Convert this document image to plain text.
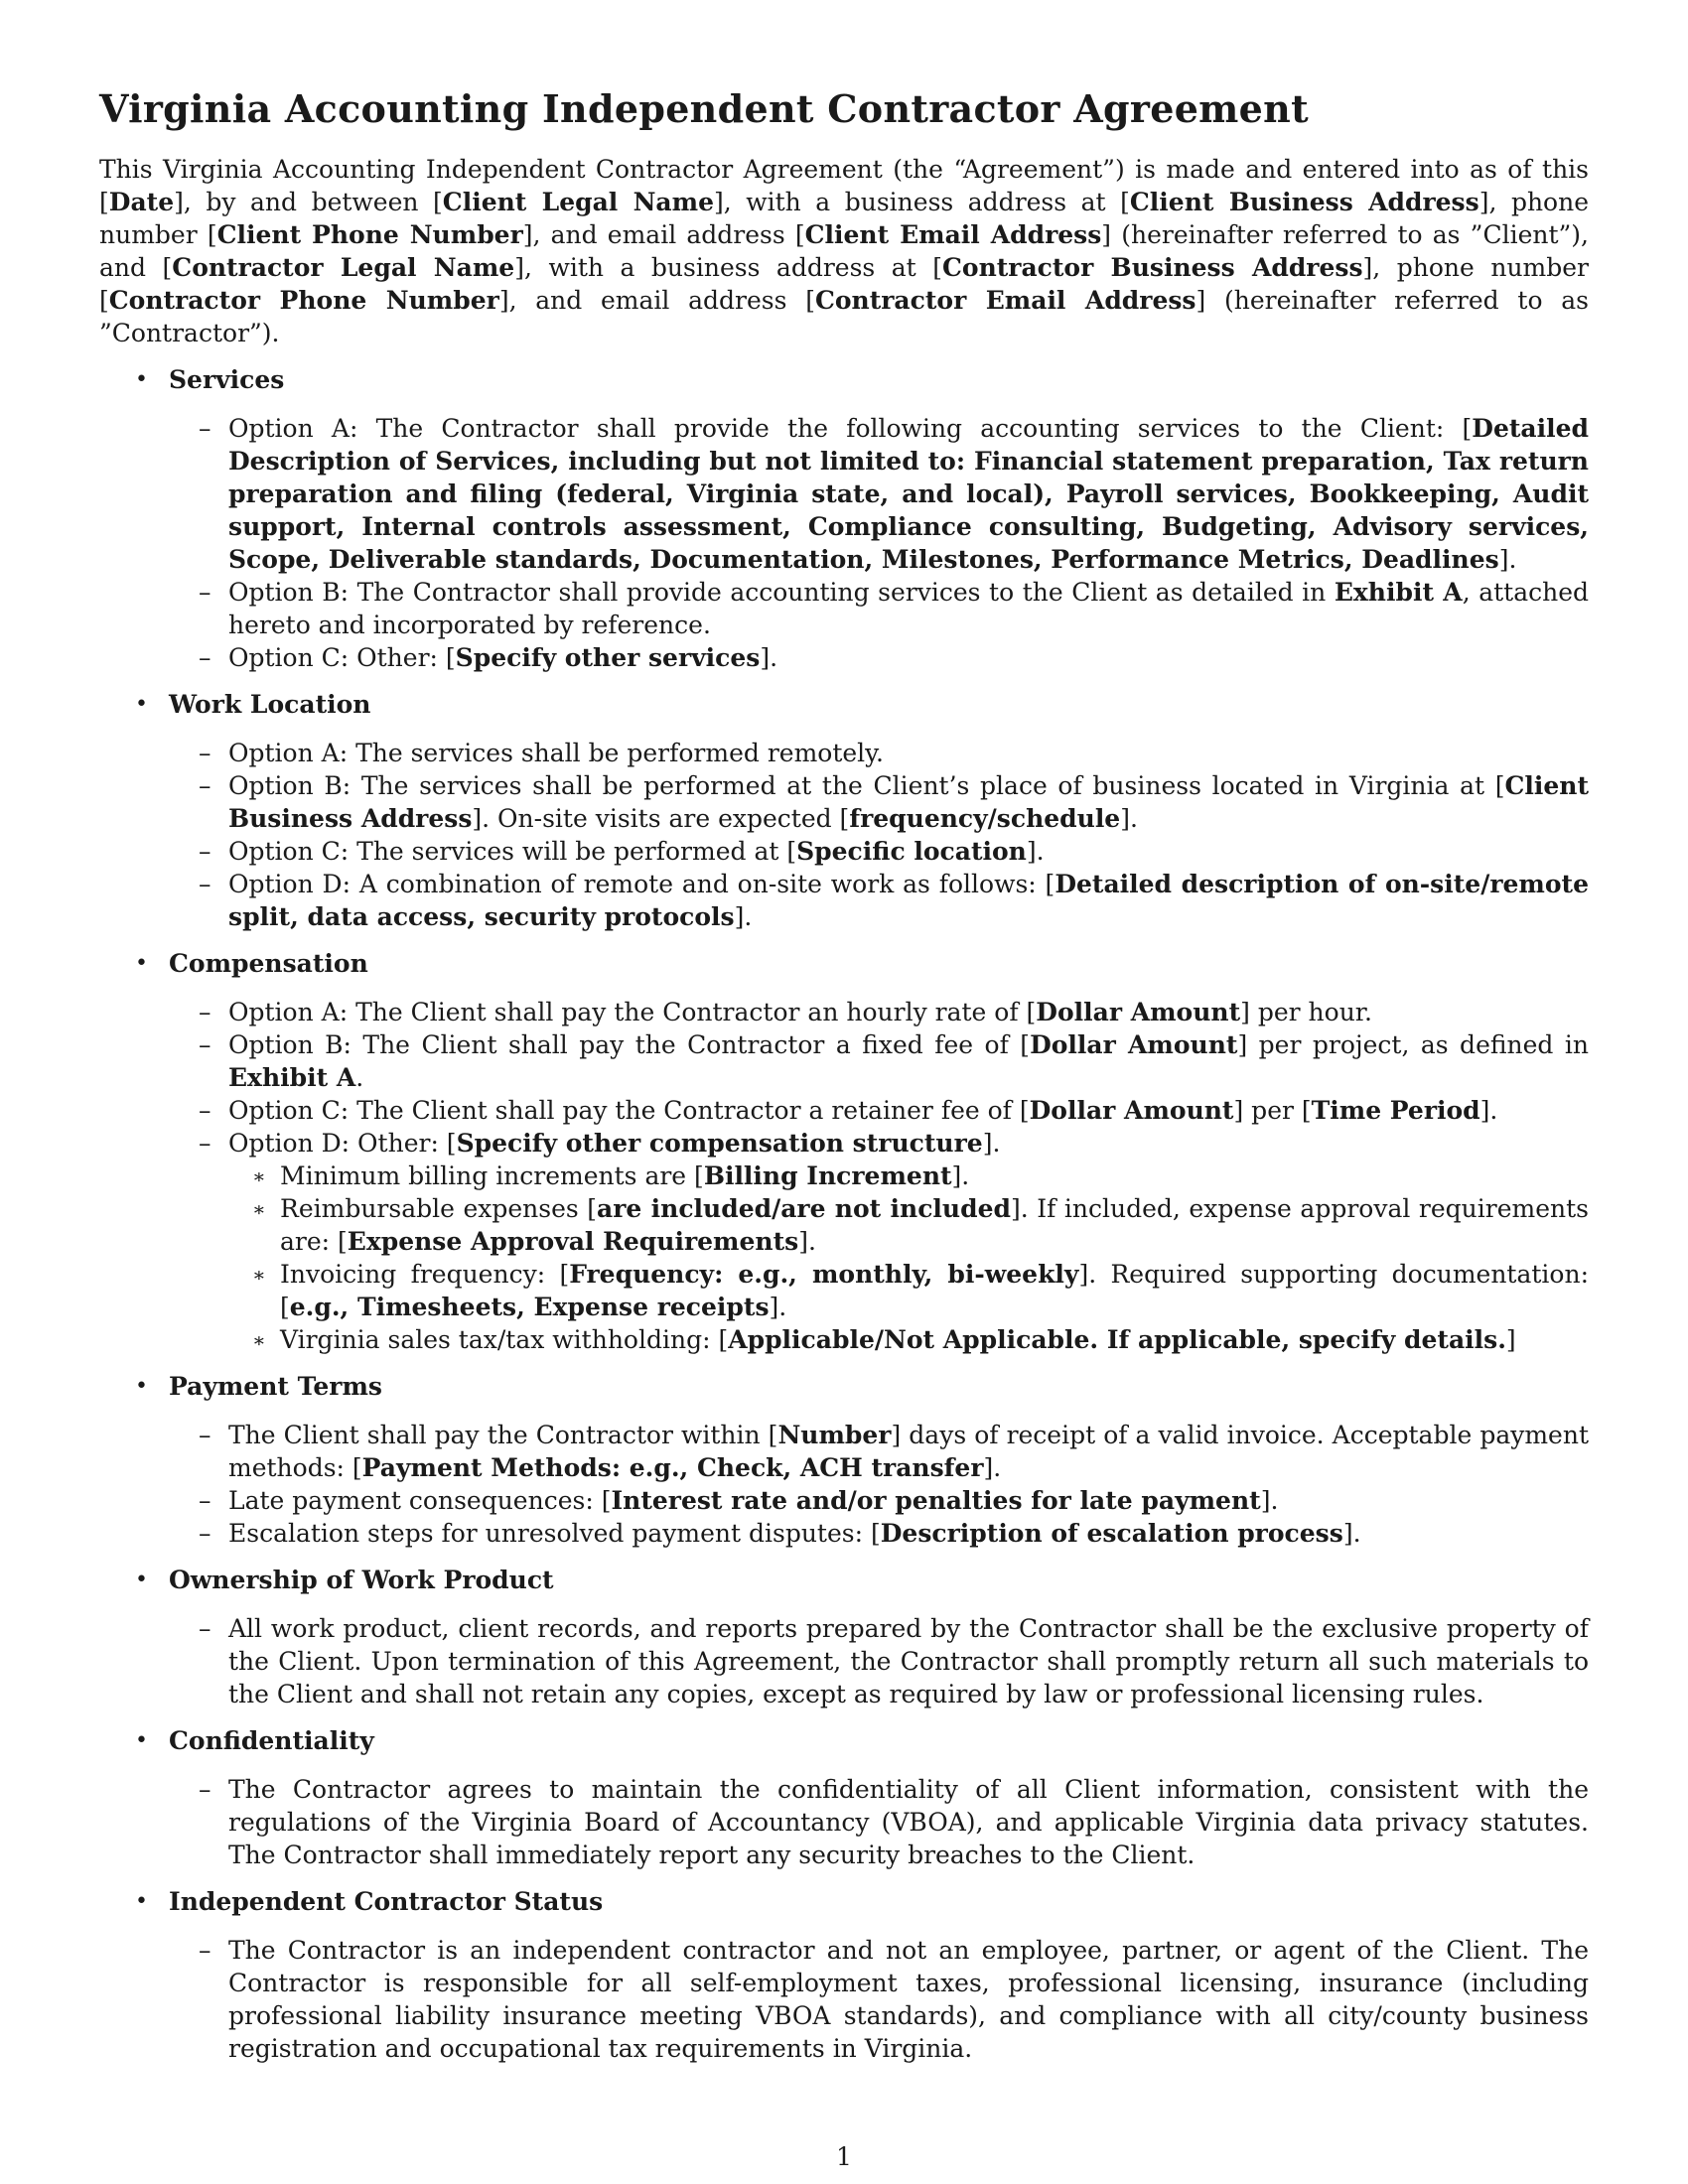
Virginia Accounting Independent Contractor Agreement

This Virginia Accounting Independent Contractor Agreement (the “Agreement”) is made and entered into as of this [Date], by and between [Client Legal Name], with a business address at [Client Business Address], phone number [Client Phone Number], and email address [Client Email Address] (hereinafter referred to as ”Client”), and [Contractor Legal Name], with a business address at [Contractor Business Address], phone number [Contractor Phone Number], and email address [Contractor Email Address] (hereinafter referred to as ”Contractor”).

• Services
– Option A: The Contractor shall provide the following accounting services to the Client: [Detailed Description of Services, including but not limited to: Financial statement preparation, Tax return preparation and filing (federal, Virginia state, and local), Payroll services, Bookkeeping, Audit support, Internal controls assessment, Compliance consulting, Budgeting, Advisory services, Scope, Deliverable standards, Documentation, Milestones, Performance Metrics, Deadlines].
– Option B: The Contractor shall provide accounting services to the Client as detailed in Exhibit A, attached hereto and incorporated by reference.
– Option C: Other: [Specify other services].
• Work Location
– Option A: The services shall be performed remotely.
– Option B: The services shall be performed at the Client’s place of business located in Virginia at [Client Business Address]. On-site visits are expected [frequency/schedule].
– Option C: The services will be performed at [Specific location].
– Option D: A combination of remote and on-site work as follows: [Detailed description of on-site/remote split, data access, security protocols].
• Compensation
– Option A: The Client shall pay the Contractor an hourly rate of [Dollar Amount] per hour.
– Option B: The Client shall pay the Contractor a fixed fee of [Dollar Amount] per project, as defined in Exhibit A.
– Option C: The Client shall pay the Contractor a retainer fee of [Dollar Amount] per [Time Period].
– Option D: Other: [Specify other compensation structure].
∗ Minimum billing increments are [Billing Increment].
∗ Reimbursable expenses [are included/are not included]. If included, expense approval requirements are: [Expense Approval Requirements].
∗ Invoicing frequency: [Frequency: e.g., monthly, bi-weekly]. Required supporting documentation: [e.g., Timesheets, Expense receipts].
∗ Virginia sales tax/tax withholding: [Applicable/Not Applicable. If applicable, specify details.]
• Payment Terms
– The Client shall pay the Contractor within [Number] days of receipt of a valid invoice. Acceptable payment methods: [Payment Methods: e.g., Check, ACH transfer].
– Late payment consequences: [Interest rate and/or penalties for late payment].
– Escalation steps for unresolved payment disputes: [Description of escalation process].
• Ownership of Work Product
– All work product, client records, and reports prepared by the Contractor shall be the exclusive property of the Client. Upon termination of this Agreement, the Contractor shall promptly return all such materials to the Client and shall not retain any copies, except as required by law or professional licensing rules.
• Confidentiality
– The Contractor agrees to maintain the confidentiality of all Client information, consistent with the regulations of the Virginia Board of Accountancy (VBOA), and applicable Virginia data privacy statutes. The Contractor shall immediately report any security breaches to the Client.
• Independent Contractor Status
– The Contractor is an independent contractor and not an employee, partner, or agent of the Client. The Contractor is responsible for all self-employment taxes, professional licensing, insurance (including professional liability insurance meeting VBOA standards), and compliance with all city/county business registration and occupational tax requirements in Virginia.
1
